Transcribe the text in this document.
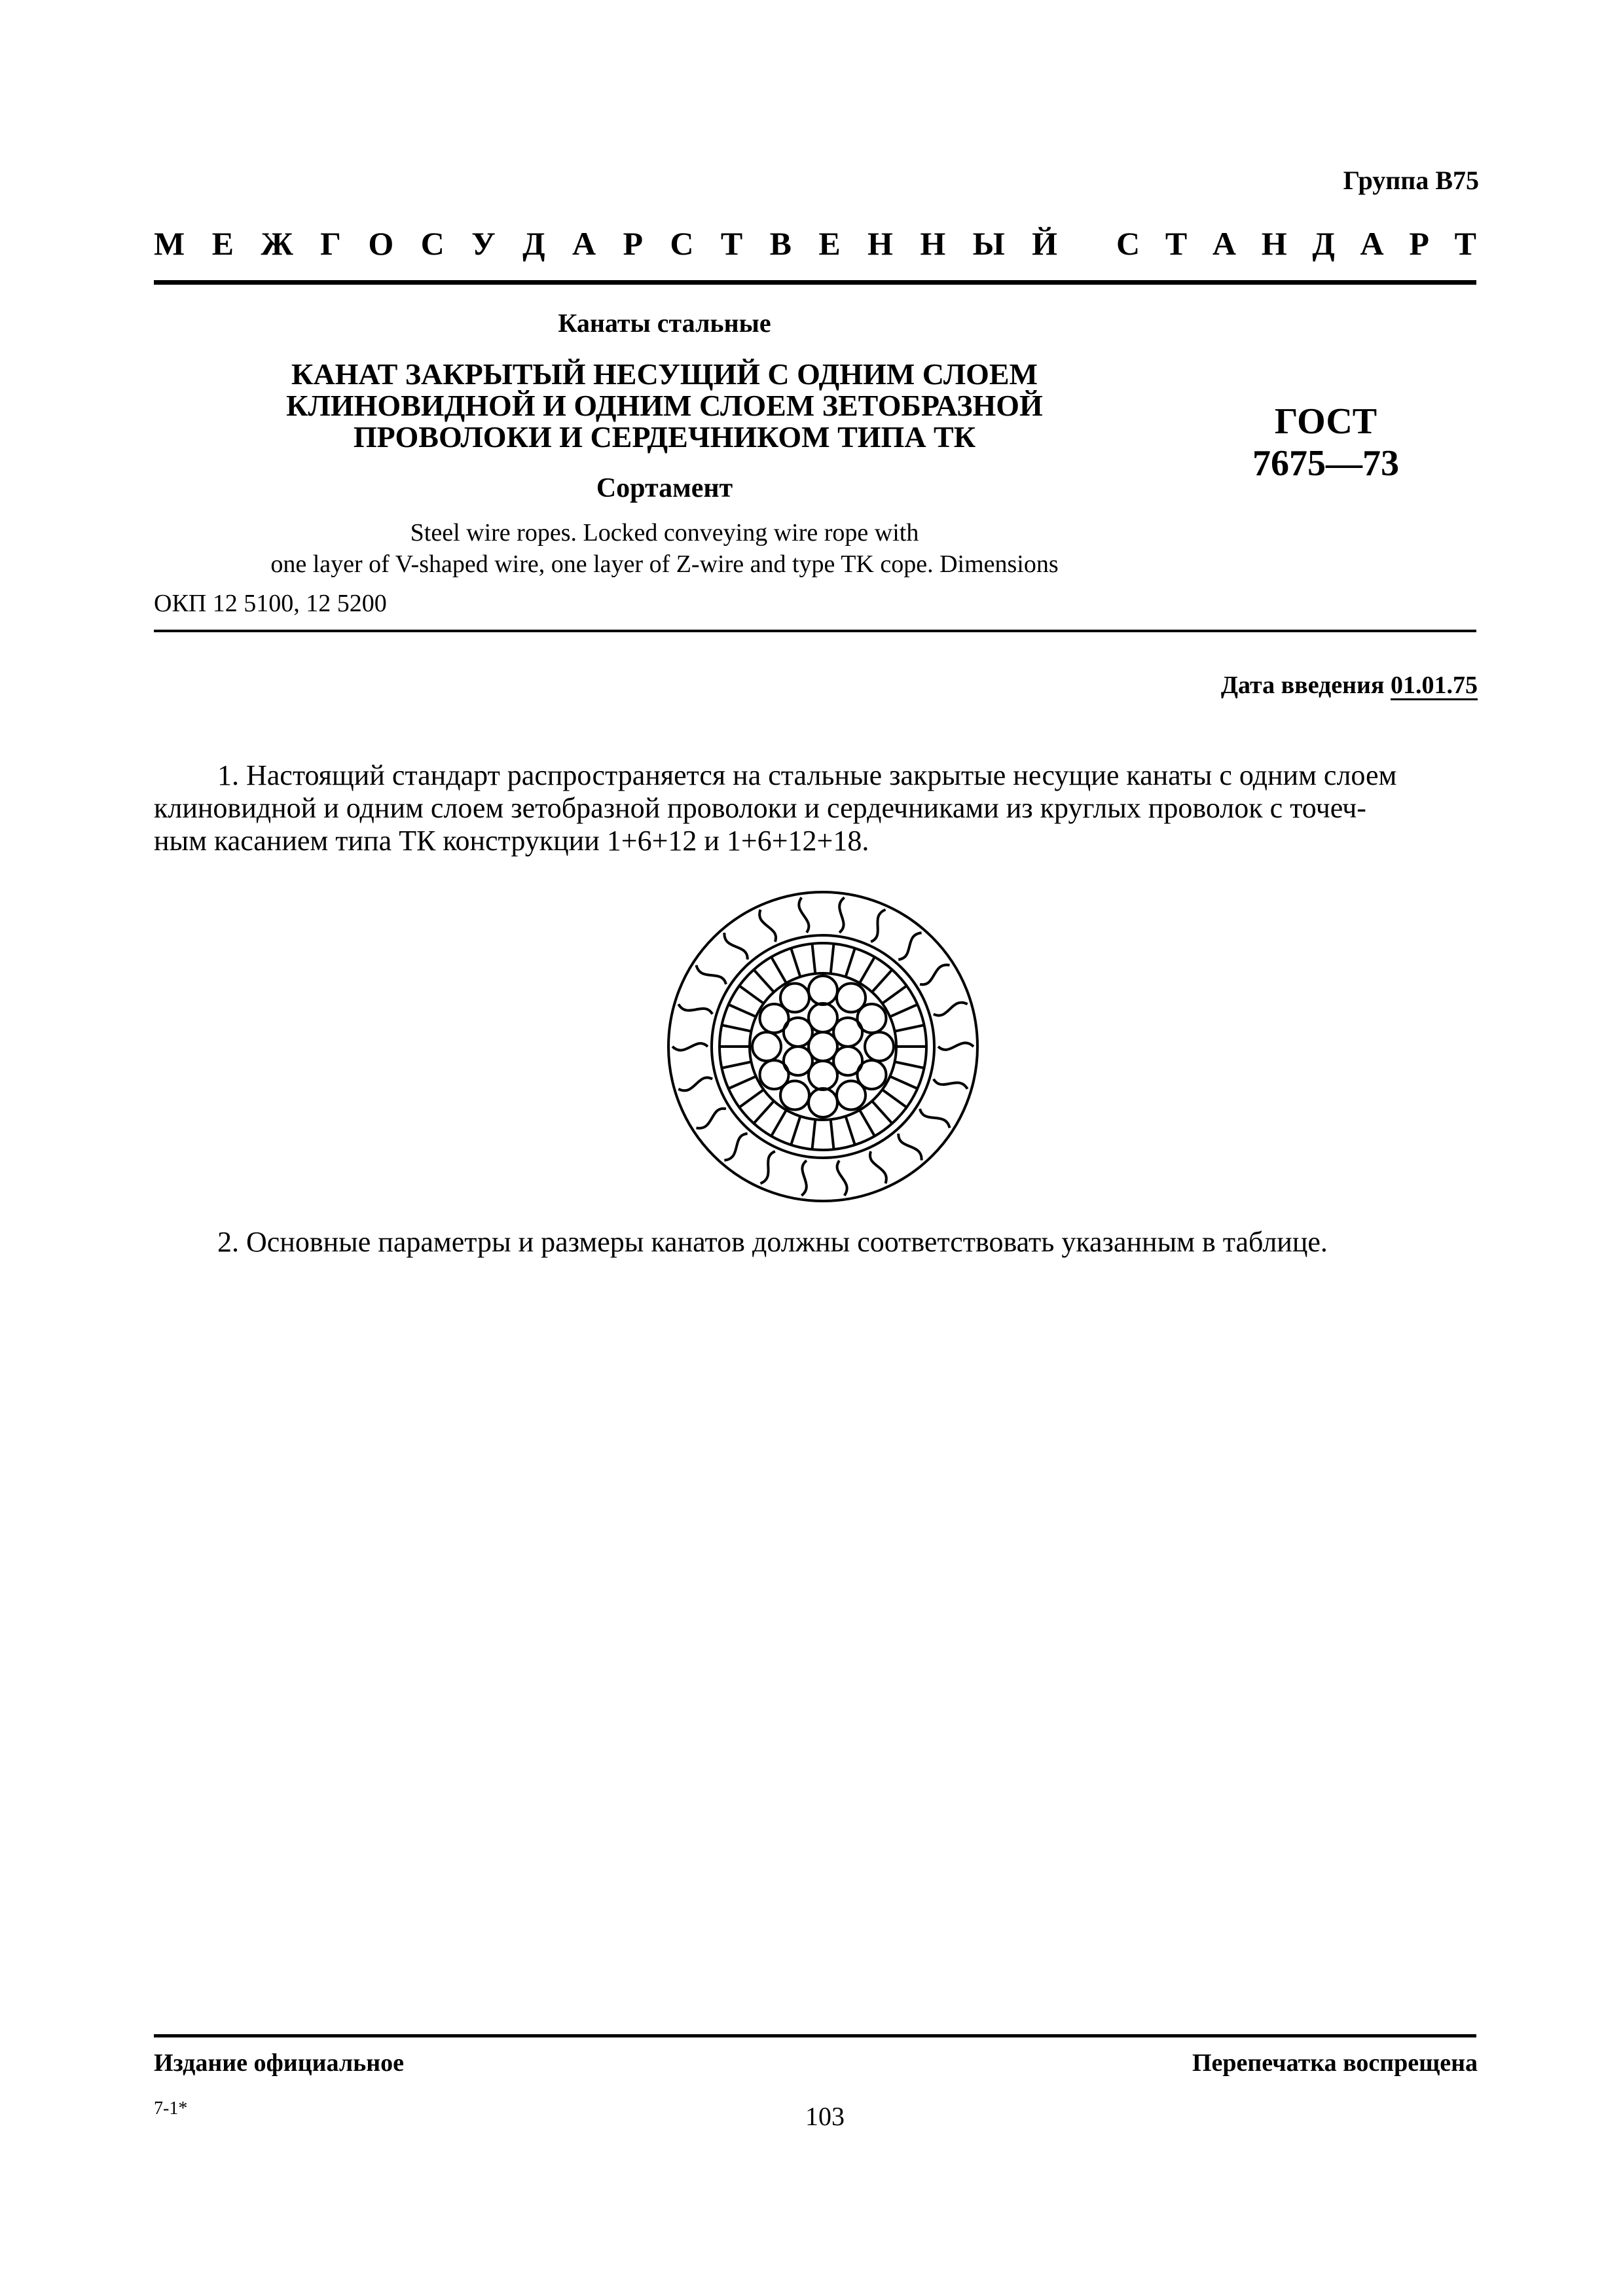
Группа В75
М Е Ж Г О С У Д А Р С Т В Е Н Н Ы Й С Т А Н Д А Р Т
Канаты стальные
КАНАТ ЗАКРЫТЫЙ НЕСУЩИЙ С ОДНИМ СЛОЕМ
КЛИНОВИДНОЙ И ОДНИМ СЛОЕМ ЗЕТОБРАЗНОЙ
ПРОВОЛОКИ И СЕРДЕЧНИКОМ ТИПА ТК
Сортамент
Steel wire ropes. Locked conveying wire rope with
one layer of V-shaped wire, one layer of Z-wire and type TK cope. Dimensions
ОКП 12 5100, 12 5200
ГОСТ
7675—73
Дата введения 01.01.75
1. Настоящий стандарт распространяется на стальные закрытые несущие канаты с одним слоем
клиновидной и одним слоем зетобразной проволоки и сердечниками из круглых проволок с точеч-
ным касанием типа ТК конструкции 1+6+12 и 1+6+12+18.
2. Основные параметры и размеры канатов должны соответствовать указанным в таблице.
Издание официальное	Перепечатка воспрещена
7-1*	103
